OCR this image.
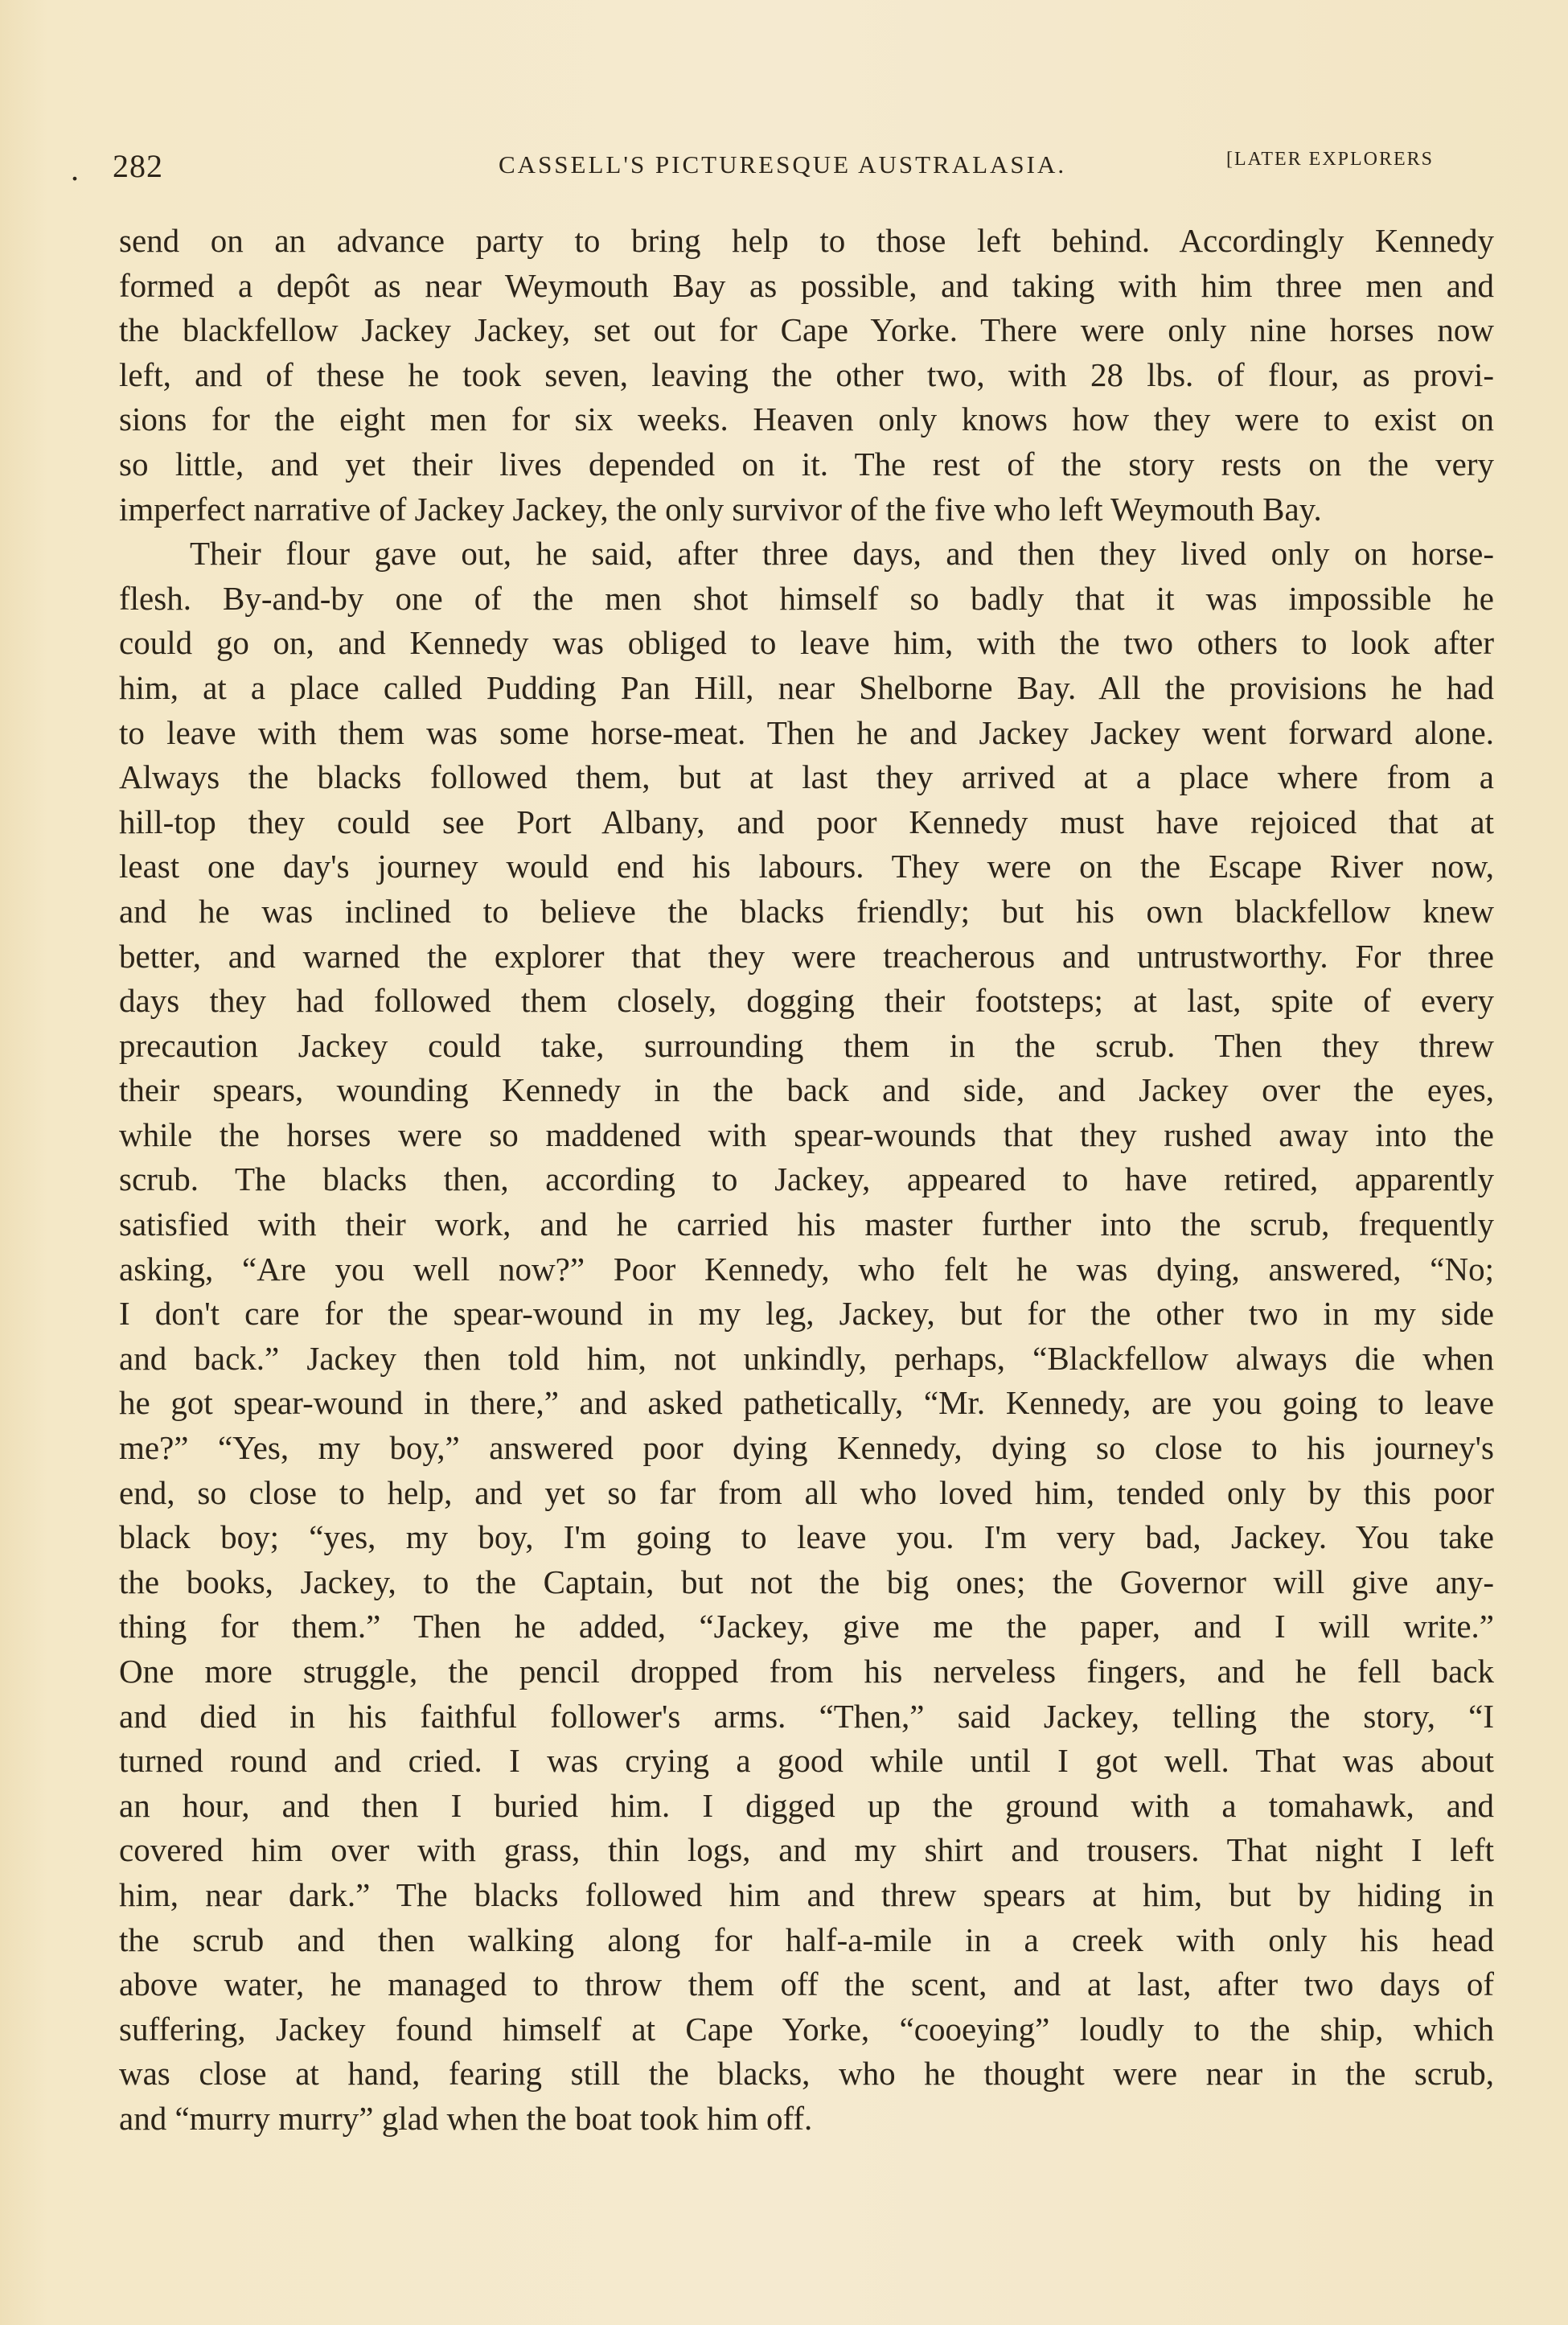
. 282	CASSELL'S PICTURESQUE AUSTRALASIA.	[LATER EXPLORERS
send on an advance party to bring help to those left behind. Accordingly Kennedy
formed a depôt as near Weymouth Bay as possible, and taking with him three men and
the blackfellow Jackey Jackey, set out for Cape Yorke. There were only nine horses now
left, and of these he took seven, leaving the other two, with 28 lbs. of flour, as provi-
sions for the eight men for six weeks. Heaven only knows how they were to exist on
so little, and yet their lives depended on it. The rest of the story rests on the very
imperfect narrative of Jackey Jackey, the only survivor of the five who left Weymouth Bay.
Their flour gave out, he said, after three days, and then they lived only on horse-
flesh. By-and-by one of the men shot himself so badly that it was impossible he
could go on, and Kennedy was obliged to leave him, with the two others to look after
him, at a place called Pudding Pan Hill, near Shelborne Bay. All the provisions he had
to leave with them was some horse-meat. Then he and Jackey Jackey went forward alone.
Always the blacks followed them, but at last they arrived at a place where from a
hill-top they could see Port Albany, and poor Kennedy must have rejoiced that at
least one day's journey would end his labours. They were on the Escape River now,
and he was inclined to believe the blacks friendly; but his own blackfellow knew
better, and warned the explorer that they were treacherous and untrustworthy. For three
days they had followed them closely, dogging their footsteps; at last, spite of every
precaution Jackey could take, surrounding them in the scrub. Then they threw
their spears, wounding Kennedy in the back and side, and Jackey over the eyes,
while the horses were so maddened with spear-wounds that they rushed away into the
scrub. The blacks then, according to Jackey, appeared to have retired, apparently
satisfied with their work, and he carried his master further into the scrub, frequently
asking, “Are you well now?” Poor Kennedy, who felt he was dying, answered, “No;
I don't care for the spear-wound in my leg, Jackey, but for the other two in my side
and back.” Jackey then told him, not unkindly, perhaps, “Blackfellow always die when
he got spear-wound in there,” and asked pathetically, “Mr. Kennedy, are you going to leave
me?” “Yes, my boy,” answered poor dying Kennedy, dying so close to his journey's
end, so close to help, and yet so far from all who loved him, tended only by this poor
black boy; “yes, my boy, I'm going to leave you. I'm very bad, Jackey. You take
the books, Jackey, to the Captain, but not the big ones; the Governor will give any-
thing for them.” Then he added, “Jackey, give me the paper, and I will write.”
One more struggle, the pencil dropped from his nerveless fingers, and he fell back
and died in his faithful follower's arms. “Then,” said Jackey, telling the story, “I
turned round and cried. I was crying a good while until I got well. That was about
an hour, and then I buried him. I digged up the ground with a tomahawk, and
covered him over with grass, thin logs, and my shirt and trousers. That night I left
him, near dark.” The blacks followed him and threw spears at him, but by hiding in
the scrub and then walking along for half-a-mile in a creek with only his head
above water, he managed to throw them off the scent, and at last, after two days of
suffering, Jackey found himself at Cape Yorke, “cooeying” loudly to the ship, which
was close at hand, fearing still the blacks, who he thought were near in the scrub,
and “murry murry” glad when the boat took him off.
